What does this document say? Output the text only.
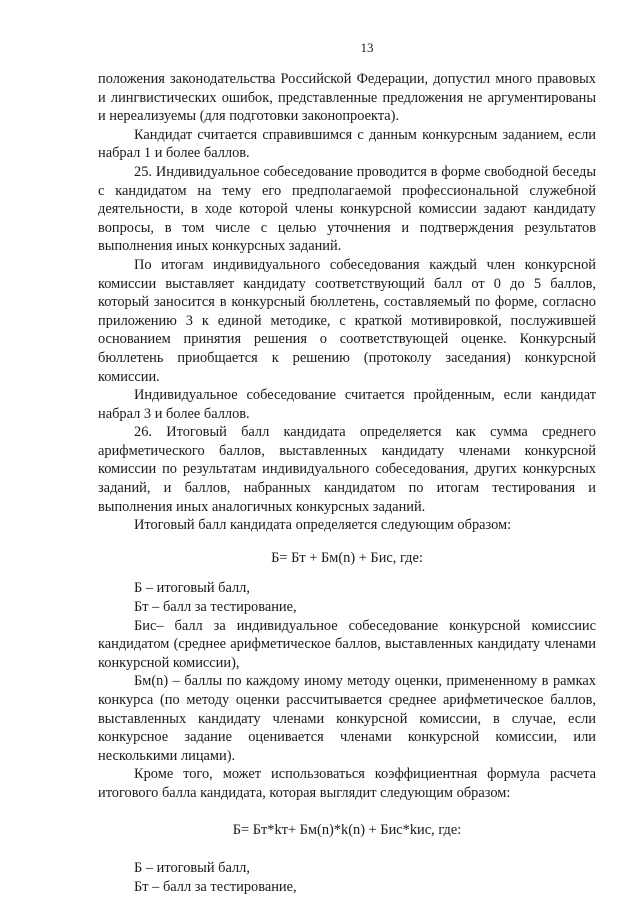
13

положения законодательства Российской Федерации, допустил много правовых и лингвистических ошибок, представленные предложения не аргументированы и нереализуемы (для подготовки законопроекта).

Кандидат считается справившимся с данным конкурсным заданием, если набрал 1 и более баллов.

25. Индивидуальное собеседование проводится в форме свободной беседы с кандидатом на тему его предполагаемой профессиональной служебной деятельности, в ходе которой члены конкурсной комиссии задают кандидату вопросы, в том числе с целью уточнения и подтверждения результатов выполнения иных конкурсных заданий.

По итогам индивидуального собеседования каждый член конкурсной комиссии выставляет кандидату соответствующий балл от 0 до 5 баллов, который заносится в конкурсный бюллетень, составляемый по форме, согласно приложению 3 к единой методике, с краткой мотивировкой, послужившей основанием принятия решения о соответствующей оценке. Конкурсный бюллетень приобщается к решению (протоколу заседания) конкурсной комиссии.

Индивидуальное собеседование считается пройденным, если кандидат набрал 3 и более баллов.

26. Итоговый балл кандидата определяется как сумма среднего арифметического баллов, выставленных кандидату членами конкурсной комиссии по результатам индивидуального собеседования, других конкурсных заданий, и баллов, набранных кандидатом по итогам тестирования и выполнения иных аналогичных конкурсных заданий.

Итоговый балл кандидата определяется следующим образом:

Б= Бт + Бм(n) + Бис, где:

Б – итоговый балл,

Бт – балл за тестирование,

Бис– балл за индивидуальное собеседование конкурсной комиссиис кандидатом (среднее арифметическое баллов, выставленных кандидату членами конкурсной комиссии),

Бм(n) – баллы по каждому иному методу оценки, примененному в рамках конкурса (по методу оценки рассчитывается среднее арифметическое баллов, выставленных кандидату членами конкурсной комиссии, в случае, если конкурсное задание оценивается членами конкурсной комиссии, или несколькими лицами).

Кроме того, может использоваться коэффициентная формула расчета итогового балла кандидата, которая выглядит следующим образом:

Б= Бт*kт+ Бм(n)*k(n) + Бис*kис, где:

Б – итоговый балл,

Бт – балл за тестирование,
